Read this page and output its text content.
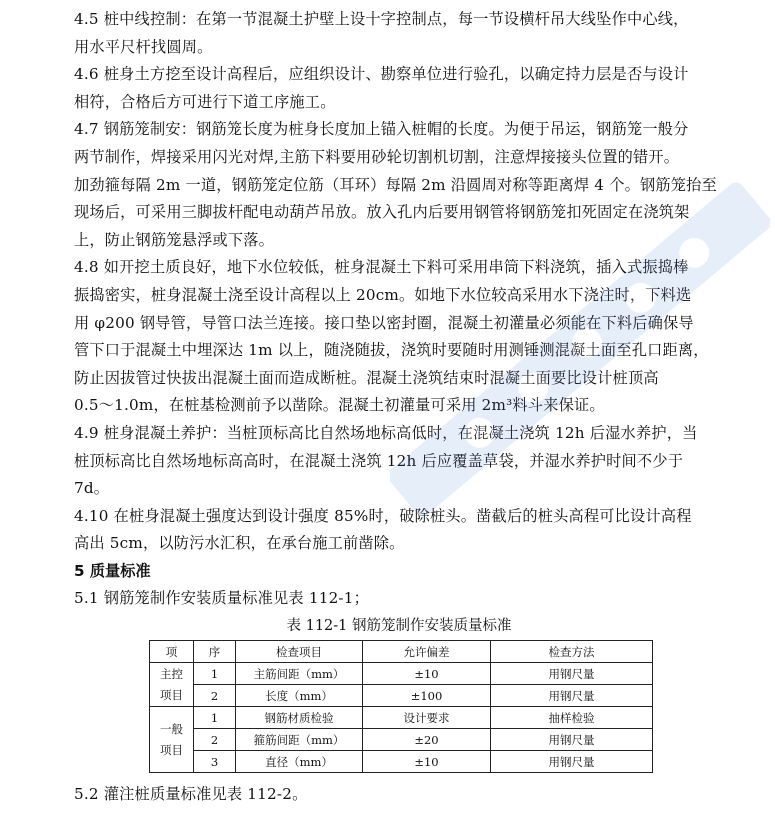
4.5 桩中线控制：在第一节混凝土护壁上设十字控制点，每一节设横杆吊大线坠作中心线，

用水平尺杆找圆周。

4.6 桩身土方挖至设计高程后，应组织设计、勘察单位进行验孔，以确定持力层是否与设计

相符，合格后方可进行下道工序施工。

4.7 钢筋笼制安：钢筋笼长度为桩身长度加上锚入桩帽的长度。为便于吊运，钢筋笼一般分

两节制作，焊接采用闪光对焊,主筋下料要用砂轮切割机切割，注意焊接接头位置的错开。

加劲箍每隔 2m 一道，钢筋笼定位筋（耳环）每隔 2m 沿圆周对称等距离焊 4 个。钢筋笼抬至

现场后，可采用三脚拔杆配电动葫芦吊放。放入孔内后要用钢管将钢筋笼扣死固定在浇筑架

上，防止钢筋笼悬浮或下落。

4.8 如开挖土质良好，地下水位较低，桩身混凝土下料可采用串筒下料浇筑，插入式振捣棒

振捣密实，桩身混凝土浇至设计高程以上 20cm。如地下水位较高采用水下浇注时，下料选

用 φ200 钢导管，导管口法兰连接。接口垫以密封圈，混凝土初灌量必须能在下料后确保导

管下口于混凝土中埋深达 1m 以上，随浇随拔，浇筑时要随时用测锤测混凝土面至孔口距离，

防止因拔管过快拔出混凝土面而造成断桩。混凝土浇筑结束时混凝土面要比设计桩顶高

0.5～1.0m，在桩基检测前予以凿除。混凝土初灌量可采用 2m³料斗来保证。

4.9 桩身混凝土养护：当桩顶标高比自然场地标高低时，在混凝土浇筑 12h 后湿水养护，当

桩顶标高比自然场地标高高时，在混凝土浇筑 12h 后应覆盖草袋，并湿水养护时间不少于

7d。

4.10 在桩身混凝土强度达到设计强度 85%时，破除桩头。凿截后的桩头高程可比设计高程

高出 5cm，以防污水汇积，在承台施工前凿除。

5 质量标准

5.1 钢筋笼制作安装质量标准见表 112-1；

表 112-1 钢筋笼制作安装质量标准
项	序	检查项目	允许偏差	检查方法

主控
项目	1	主筋间距（mm）	±10	用钢尺量
	2	长度（mm）	±100	用钢尺量

一般
项目	1	钢筋材质检验	设计要求	抽样检验
	2	箍筋间距（mm）	±20	用钢尺量
	3	直径（mm）	±10	用钢尺量

5.2 灌注桩质量标准见表 112-2。
